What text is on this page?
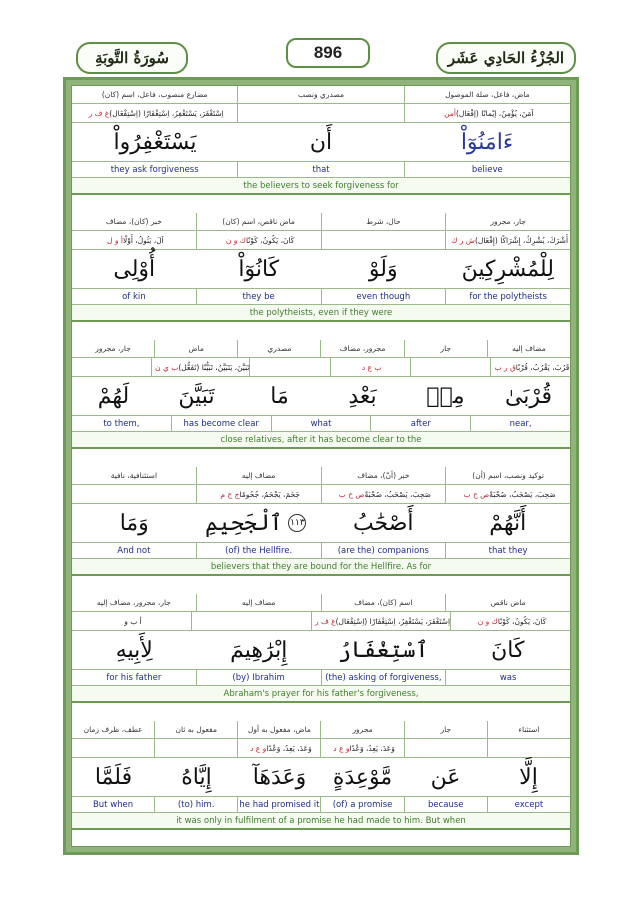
سُورَةُ التَّوبَةِ	896	الجُزْءُ الحَادِي عَشَر
ماض، فاعل، صلة الموصول
مصدري ونصب
مضارع منصوب، فاعل، اسم (كان)
أمن آمَنَ، يُؤْمِنُ، إيْمانًا (إفْعَال)
غ ف ر اِسْتَغْفَرَ، يَسْتَغْفِرُ، اِسْتِغْفَارًا (اِسْتِفْعَال)
ءَامَنُوٓاْ
أَن
يَسْتَغْفِرُواْ
believe
that
they ask forgiveness
the believers to seek forgiveness for
جار، مجرور
حال، شرط
ماض ناقص، اسم (كان)
خبر (كان)، مضاف
ش ر ك أَشْرَكَ، يُشْرِكُ، إِشْرَاكًا (إِفْعَال)
ك و ن كَانَ، يَكُونُ، كَوْنًا
أ و ل آلَ، يَئُولُ، أَوْلًا
لِلْمُشْرِكِينَ
وَلَوْ
كَانُوٓاْ
أُوْلِى
for the polytheists
even though
they be
of kin
the polytheists, even if they were
مضاف إليه
جار
مجرور، مضاف
مصدري
ماض
جار، مجرور
ق ر ب قَرُبَ، يَقْرُبُ، قُرْبًا
ب ع د
ب ي ن تَبَيَّنَ، يَتَبَيَّنُ، تَبَيُّنًا (تَفَعُّل)
قُرْبَىٰ
مِنۢ
بَعْدِ
مَا
تَبَيَّنَ
لَهُمْ
near,
after
what
has become clear
to them,
close relatives, after it has become clear to the
توكيد ونصب، اسم (أن)
خبر (أنّ)، مضاف
مضاف إليه
استئنافية، نافية
ص ح ب صَحِبَ، يَصْحَبُ، صُحْبَةً
ص ح ب صَحِبَ، يَصْحَبُ، صُحْبَةً
ج ح م جَحَمَ، يَجْحَمُ، جُحُومًا
أَنَّهُمْ
أَصْحَٰبُ
ٱلْجَحِيمِ ١١٣
وَمَا
that they
(are the) companions
(of) the Hellfire.
And not
believers that they are bound for the Hellfire. As for
ماض ناقص
اسم (كان)، مضاف
مضاف إليه
جار، مجرور، مضاف إليه
ك و ن كَانَ، يَكُونُ، كَوْنًا
غ ف ر اِسْتَغْفَرَ، يَسْتَغْفِرُ، اِسْتِغْفَارًا (اِسْتِفْعَال)
أ ب و
كَانَ
ٱسْتِغْفَارُ
إِبْرَٰهِيمَ
لِأَبِيهِ
was
(the) asking of forgiveness,
(by) Ibrahim
for his father
Abraham's prayer for his father's forgiveness,
استثناء
جار
مجرور
ماض، مفعول به أول
مفعول به ثان
عطف، ظرف زمان
و ع د وَعَدَ، يَعِدُ، وَعْدًا
و ع د وَعَدَ، يَعِدُ، وَعْدًا
إِلَّا
عَن
مَّوْعِدَةٍ
وَعَدَهَآ
إِيَّاهُ
فَلَمَّا
except
because
(of) a promise
he had promised it
(to) him.
But when
it was only in fulfilment of a promise he had made to him. But when
